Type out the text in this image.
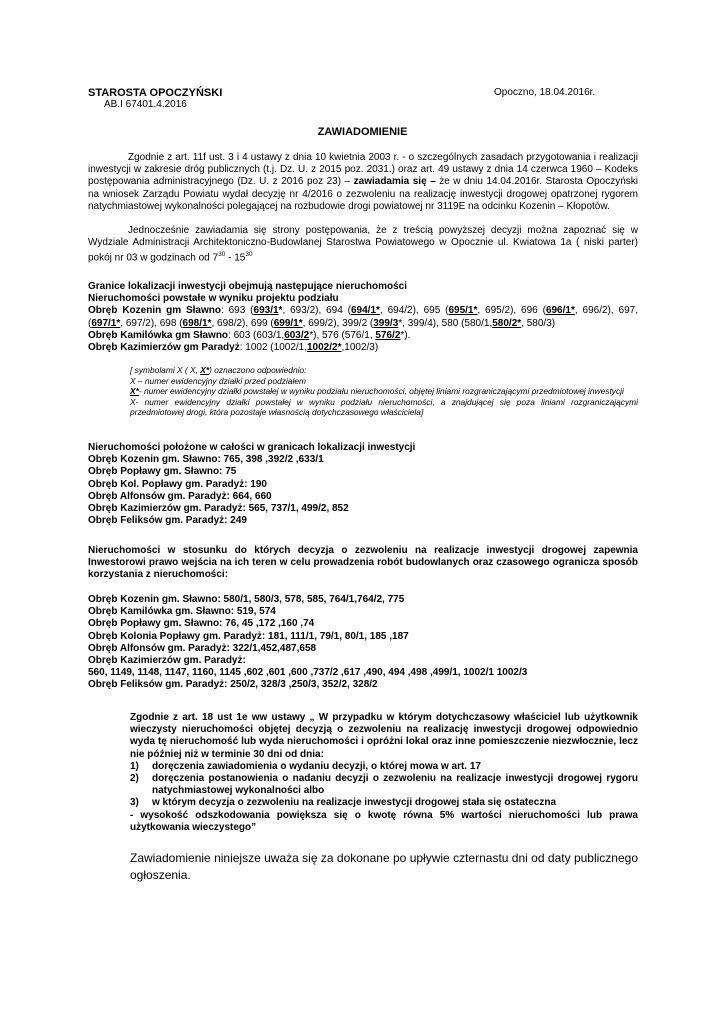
STAROSTA OPOCZYŃSKI
AB.I 67401.4.2016
Opoczno, 18.04.2016r.
ZAWIADOMIENIE
Zgodnie z art. 11f ust. 3 i 4 ustawy z dnia 10 kwietnia 2003 r. - o szczególnych zasadach przygotowania i realizacji inwestycji w zakresie dróg publicznych (t.j. Dz. U. z 2015 poz. 2031.) oraz art. 49 ustawy z dnia 14 czerwca 1960 – Kodeks postępowania administracyjnego (Dz. U. z 2016 poz 23) – zawiadamia się – że w dniu 14.04.2016r. Starosta Opoczyński na wniosek Zarządu Powiatu wydał decyzję nr 4/2016 o zezwoleniu na realizację inwestycji drogowej opatrzonej rygorem natychmiastowej wykonalności polegającej na rozbudowie drogi powiatowej nr 3119E na odcinku Kozenin – Kłopotów.
Jednocześnie zawiadamia się strony postępowania, że z treścią powyższej decyzji można zapoznać się w Wydziale Administracji Architektoniczno-Budowlanej Starostwa Powiatowego w Opocznie ul. Kwiatowa 1a ( niski parter) pokój nr 03 w godzinach od $7^{30} - 15^{30}$
Granice lokalizacji inwestycji obejmują następujące nieruchomości
Nieruchomości powstałe w wyniku projektu podziału
Obręb Kozenin gm Sławno: 693 (693/1*, 693/2), 694 (694/1*, 694/2), 695 (695/1*, 695/2), 696 (696/1*, 696/2), 697, (697/1*, 697/2), 698 (698/1*, 698/2), 699 (699/1*, 699/2), 399/2 (399/3*, 399/4), 580 (580/1,580/2*, 580/3)
Obręb Kamilówka gm Sławno: 603 (603/1,603/2*), 576 (576/1, 576/2*).
Obręb Kazimierzów gm Paradyż: 1002 (1002/1,1002/2*,1002/3)
[ symbolami X ( X, X*) oznaczono odpowiednio:
X – numer ewidencyjny działki przed podziałem
X*- numer ewidencyjny działki powstałej w wyniku podziału nieruchomości, objętej liniami rozgraniczającymi przedmiotowej inwestycji
X- numer ewidencyjny działki powstałej w wyniku podziału nieruchomości, a znajdującej się poza liniami rozgraniczającymi przedmiotowej drogi, która pozostaje własnością dotychczasowego właściciela]
Nieruchomości położone w całości w granicach lokalizacji inwestycji
Obręb Kozenin gm. Sławno: 765, 398 ,392/2 ,633/1
Obręb Popławy gm. Sławno: 75
Obręb Kol. Popławy gm. Paradyż: 190
Obręb Alfonsów gm. Paradyż: 664, 660
Obręb Kazimierzów gm. Paradyż: 565, 737/1, 499/2, 852
Obręb Feliksów gm. Paradyż: 249
Nieruchomości w stosunku do których decyzja o zezwoleniu na realizacje inwestycji drogowej zapewnia Inwestorowi prawo wejścia na ich teren w celu prowadzenia robót budowlanych oraz czasowego ogranicza sposób korzystania z nieruchomości:
Obręb Kozenin gm. Sławno: 580/1, 580/3, 578, 585, 764/1,764/2, 775
Obręb Kamilówka gm. Sławno: 519, 574
Obręb Popławy gm. Sławno: 76, 45 ,172 ,160 ,74
Obręb Kolonia Popławy gm. Paradyż: 181, 111/1, 79/1, 80/1, 185 ,187
Obręb Alfonsów gm. Paradyż: 322/1,452,487,658
Obręb Kazimierzów gm. Paradyż:
560, 1149, 1148, 1147, 1160, 1145 ,602 ,601 ,600 ,737/2 ,617 ,490, 494 ,498 ,499/1, 1002/1 1002/3
Obręb Feliksów gm. Paradyż: 250/2, 328/3 ,250/3, 352/2, 328/2
Zgodnie z art. 18 ust 1e ww ustawy „ W przypadku w którym dotychczasowy właściciel lub użytkownik wieczysty nieruchomości objętej decyzją o zezwoleniu na realizację inwestycji drogowej odpowiednio wyda tę nieruchomość lub wyda nieruchomości i opróżni lokal oraz inne pomieszczenie niezwłocznie, lecz nie później niż w terminie 30 dni od dnia:
1)	doręczenia zawiadomienia o wydaniu decyzji, o której mowa w art. 17
2)	doręczenia postanowienia o nadaniu decyzji o zezwoleniu na realizacje inwestycji drogowej rygoru natychmiastowej wykonalności albo
3)	w którym decyzja o zezwoleniu na realizacje inwestycji drogowej stała się ostateczna
- wysokość odszkodowania powiększa się o kwotę równa 5% wartości nieruchomości lub prawa użytkowania wieczystego”
Zawiadomienie niniejsze uważa się za dokonane po upływie czternastu dni od daty publicznego ogłoszenia.
